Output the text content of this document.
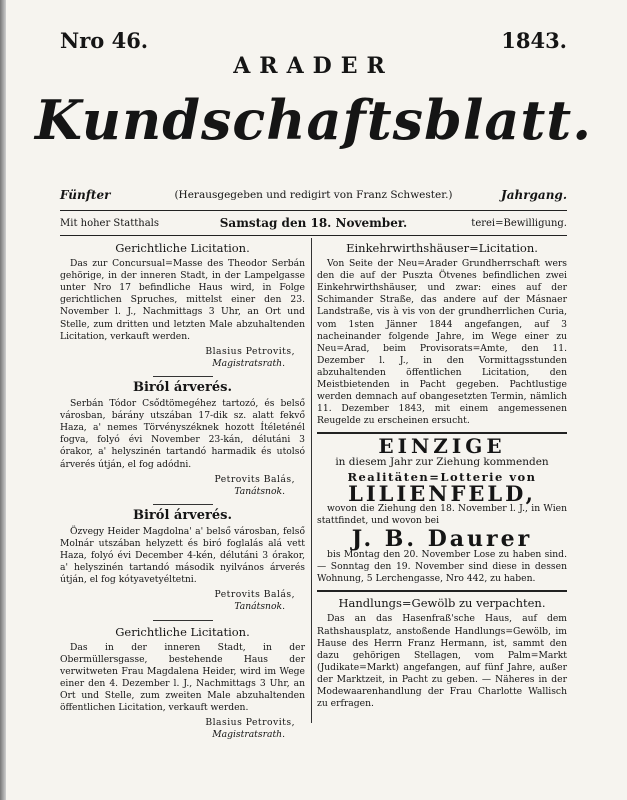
Nro 46.	1843.
ARADER
Kundschaftsblatt.
Fünfter	(Herausgegeben und redigirt von Franz Schwester.)	Jahrgang.
Mit hoher Statthals	Samstag den 18. November.	terei=Bewilligung.
Gerichtliche Licitation.

Das zur Concursual=Masse des Theodor Serbán gehörige, in der inneren Stadt, in der Lampelgasse unter Nro 17 befindliche Haus wird, in Folge gerichtlichen Spruches, mittelst einer den 23. November l. J., Nachmittags 3 Uhr, an Ort und Stelle, zum dritten und letzten Male abzuhaltenden Licitation, verkauft werden.

Blasius Petrovits,
Magistratsrath.
Biról árverés.

Serbán Tódor Csődtömegéhez tartozó, és belső városban, bárány utszában 17-dik sz. alatt fekvő Haza, a' nemes Törvényszéknek hozott Ítéleténél fogva, folyó évi November 23-kán, délutáni 3 órakor, a' helyszinén tartandó harmadik és utolsó árverés útján, el fog adódni.

Petrovits Balás,
Tanátsnok.
Biról árverés.

Özvegy Heider Magdolna' a' belső városban, felső Molnár utszában helyzett és biró foglalás alá vett Haza, folyó évi December 4-kén, délutáni 3 órakor, a' helyszinén tartandó második nyilvános árverés útján, el fog kótyavetyéltetni.

Petrovits Balás,
Tanátsnok.
Gerichtliche Licitation.

Das in der inneren Stadt, in der Obermüllersgasse, bestehende Haus der verwitweten Frau Magdalena Heider, wird im Wege einer den 4. Dezember l. J., Nachmittags 3 Uhr, an Ort und Stelle, zum zweiten Male abzuhaltenden öffentlichen Licitation, verkauft werden.

Blasius Petrovits,
Magistratsrath.
Einkehrwirthshäuser=Licitation.

Von Seite der Neu=Arader Grundherrschaft wers den die auf der Puszta Ötvenes befindlichen zwei Einkehrwirthshäuser, und zwar: eines auf der Schimander Straße, das andere auf der Másnaer Landstraße, vis à vis von der grundherrlichen Curia, vom 1sten Jänner 1844 angefangen, auf 3 nacheinander folgende Jahre, im Wege einer zu Neu=Arad, beim Provisorats=Amte, den 11. Dezember l. J., in den Vormittagsstunden abzuhaltenden öffentlichen Licitation, den Meistbietenden in Pacht gegeben. Pachtlustige werden demnach auf obangesetzten Termin, nämlich 11. Dezember 1843, mit einem angemessenen Reugelde zu erscheinen ersucht.

EINZIGE

in diesem Jahr zur Ziehung kommenden

Realitäten=Lotterie von
LILIENFELD,

wovon die Ziehung den 18. November l. J., in Wien stattfindet, und wovon bei

J. B. Daurer

bis Montag den 20. November Lose zu haben sind. — Sonntag den 19. November sind diese in dessen Wohnung, 5 Lerchengasse, Nro 442, zu haben.

Handlungs=Gewölb zu verpachten.

Das an das Hasenfraß'sche Haus, auf dem Rathshausplatz, anstoßende Handlungs=Gewölb, im Hause des Herrn Franz Hermann, ist, sammt den dazu gehörigen Stellagen, vom Palm=Markt (Judikate=Markt) angefangen, auf fünf Jahre, außer der Marktzeit, in Pacht zu geben. — Näheres in der Modewaarenhandlung der Frau Charlotte Wallisch zu erfragen.
